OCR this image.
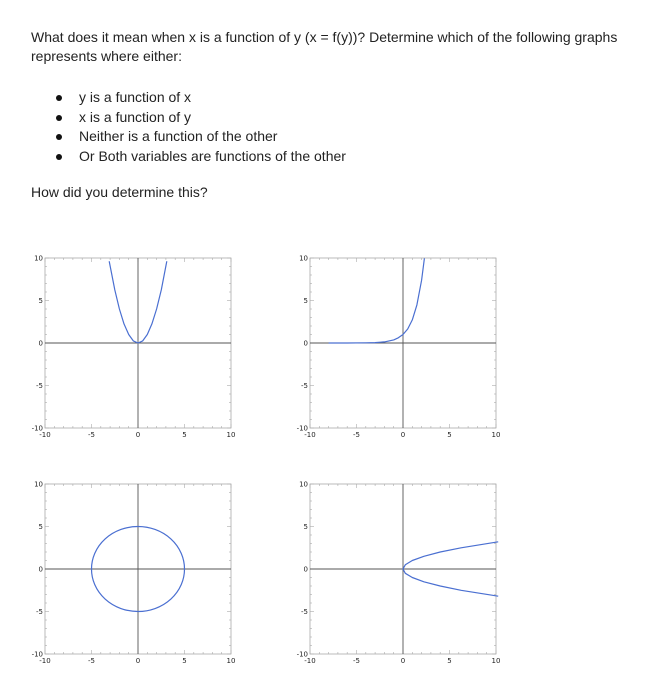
What does it mean when x is a function of y (x = f(y))? Determine which of the following graphs represents where either:

y is a function of x
x is a function of y
Neither is a function of the other
Or Both variables are functions of the other

How did you determine this?

-10	-5	0	5	10
10
5
0
-5
-10
-10	-5	0	5	10
10
5
0
-5
-10
-10	-5	0	5	10
10
5
0
-5
-10
-10	-5	0	5	10
10
5
0
-5
-10
